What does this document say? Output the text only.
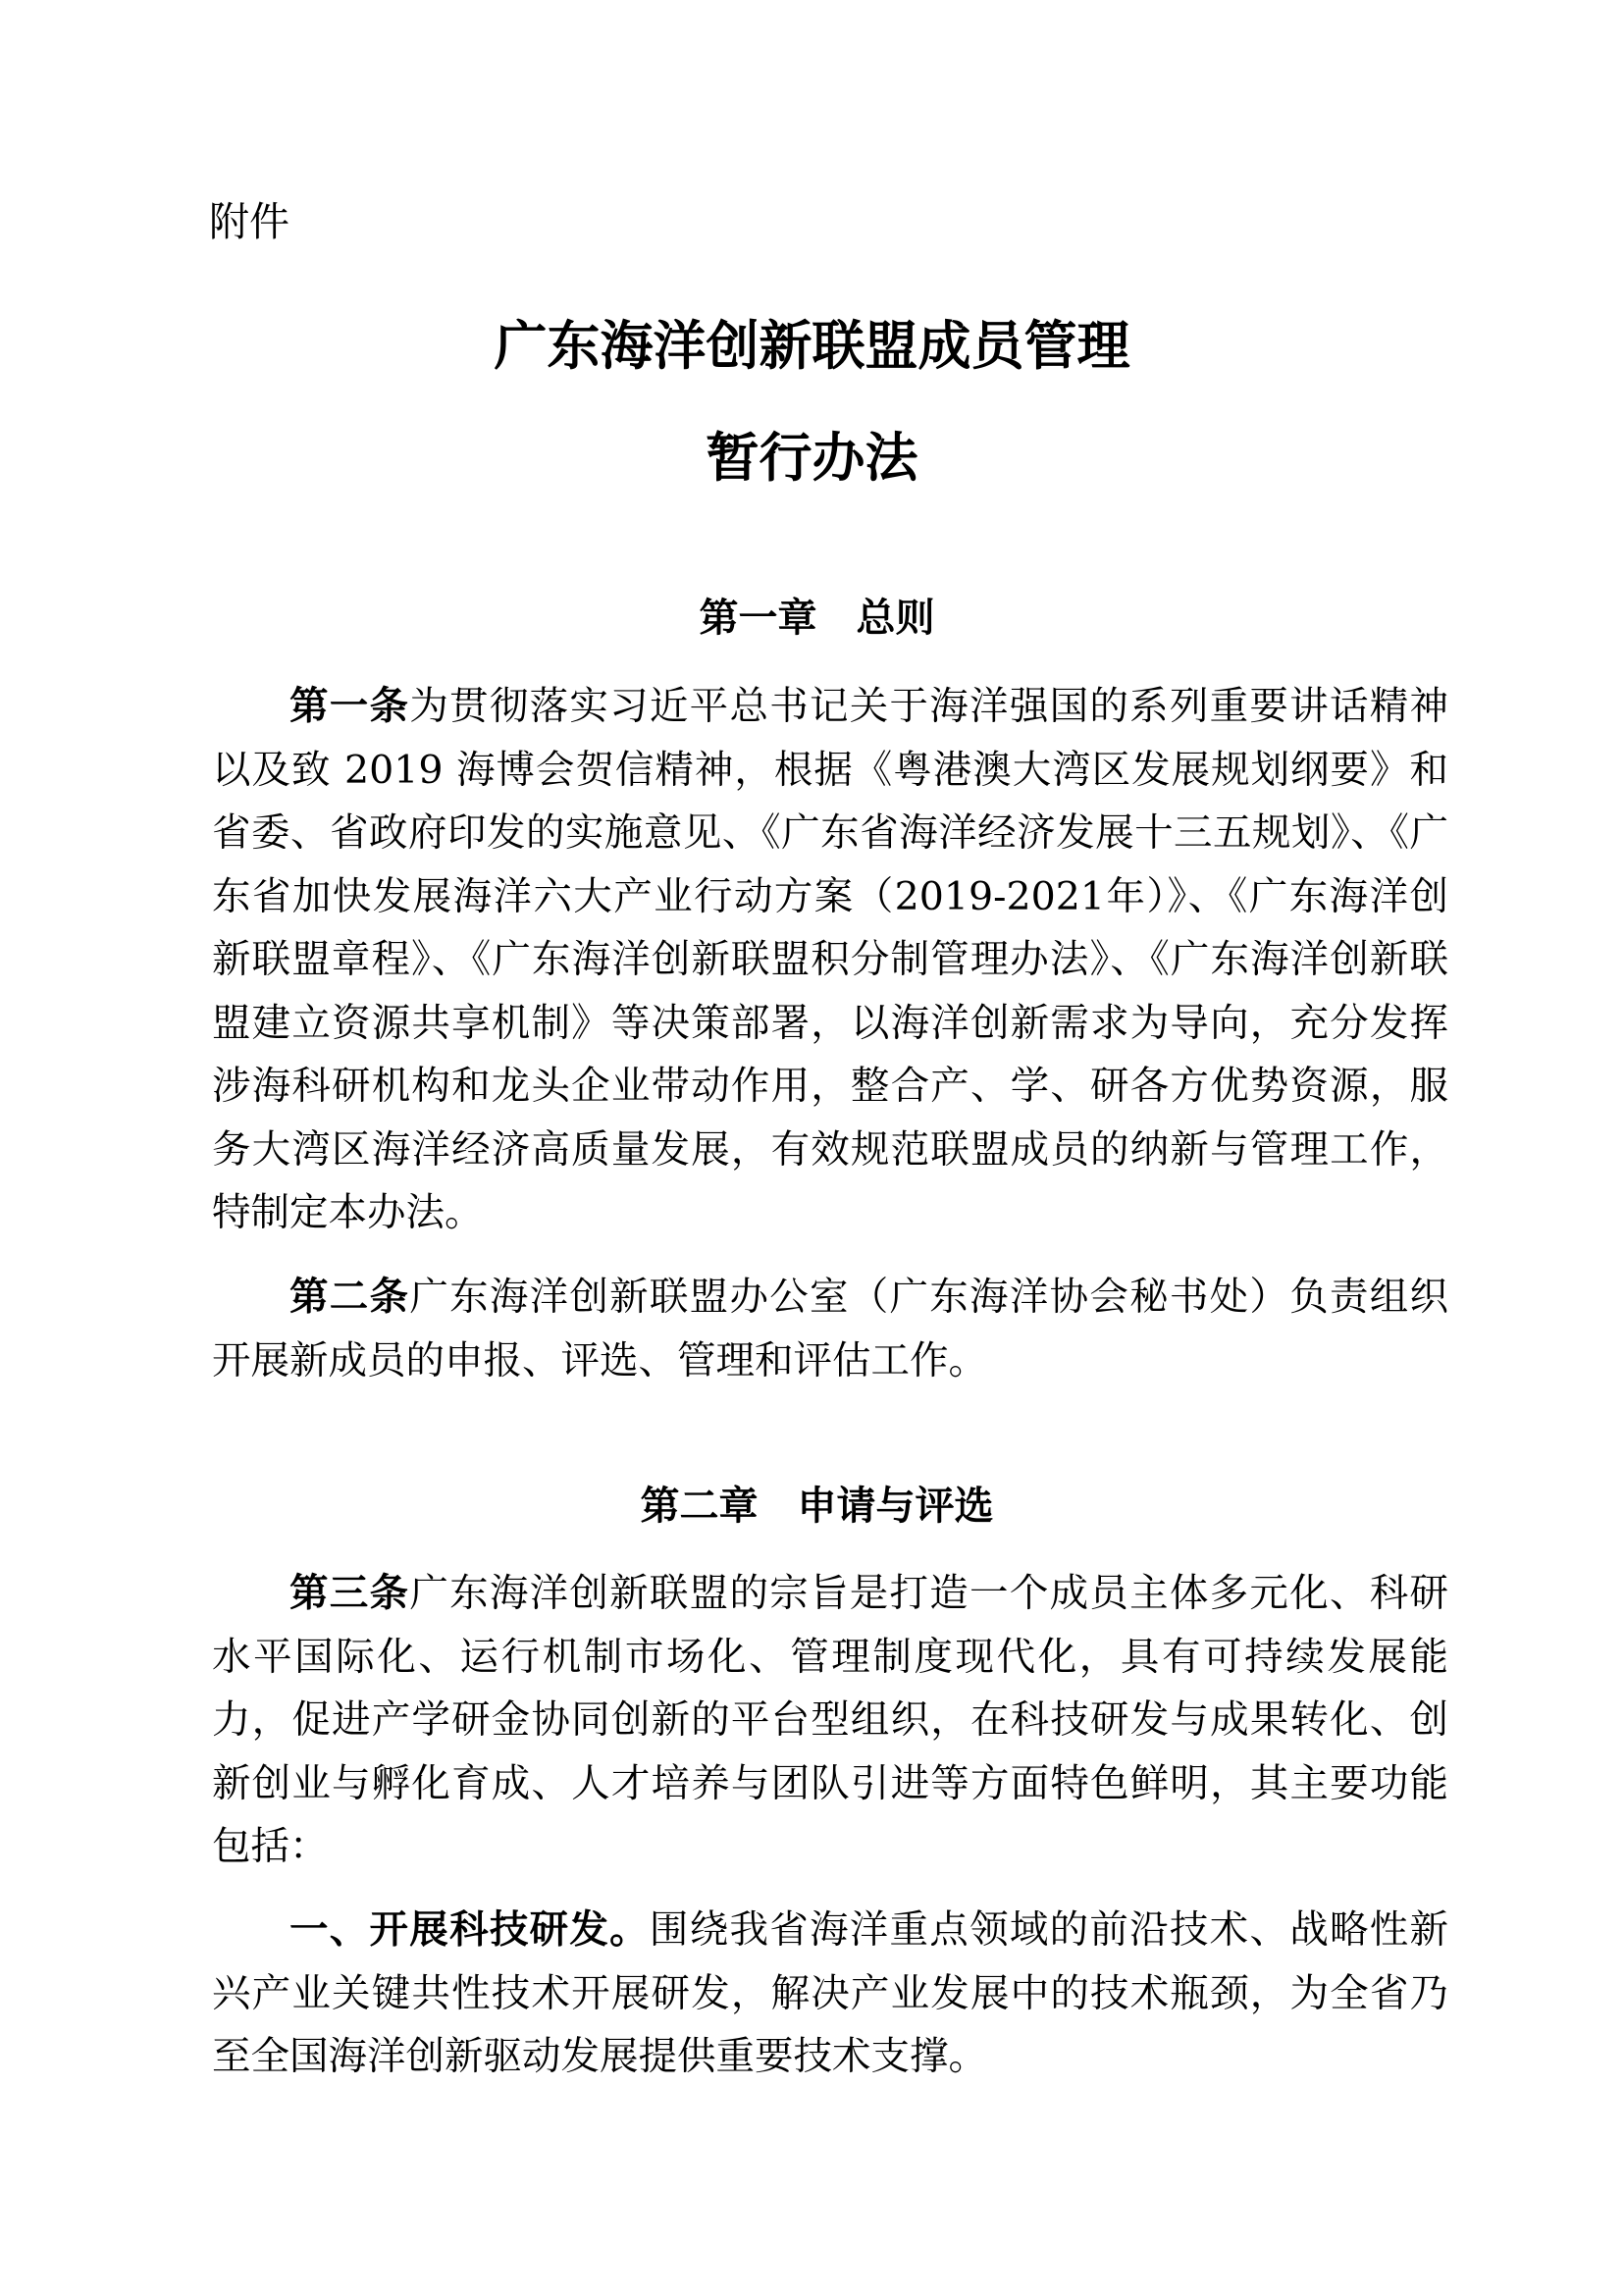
附件

广东海洋创新联盟成员管理
暂行办法
第一章　总则

第一条为贯彻落实习近平总书记关于海洋强国的系列重要讲话精神以及致 2019 海博会贺信精神，根据《粤港澳大湾区发展规划纲要》和省委、省政府印发的实施意见、《广东省海洋经济发展十三五规划》、《广东省加快发展海洋六大产业行动方案（2019-2021年）》、《广东海洋创新联盟章程》、《广东海洋创新联盟积分制管理办法》、《广东海洋创新联盟建立资源共享机制》等决策部署，以海洋创新需求为导向，充分发挥涉海科研机构和龙头企业带动作用，整合产、学、研各方优势资源，服务大湾区海洋经济高质量发展，有效规范联盟成员的纳新与管理工作，特制定本办法。

第二条广东海洋创新联盟办公室（广东海洋协会秘书处）负责组织开展新成员的申报、评选、管理和评估工作。

第二章　申请与评选

第三条广东海洋创新联盟的宗旨是打造一个成员主体多元化、科研水平国际化、运行机制市场化、管理制度现代化，具有可持续发展能力，促进产学研金协同创新的平台型组织，在科技研发与成果转化、创新创业与孵化育成、人才培养与团队引进等方面特色鲜明，其主要功能包括：

一、开展科技研发。围绕我省海洋重点领域的前沿技术、战略性新兴产业关键共性技术开展研发，解决产业发展中的技术瓶颈，为全省乃至全国海洋创新驱动发展提供重要技术支撑。
